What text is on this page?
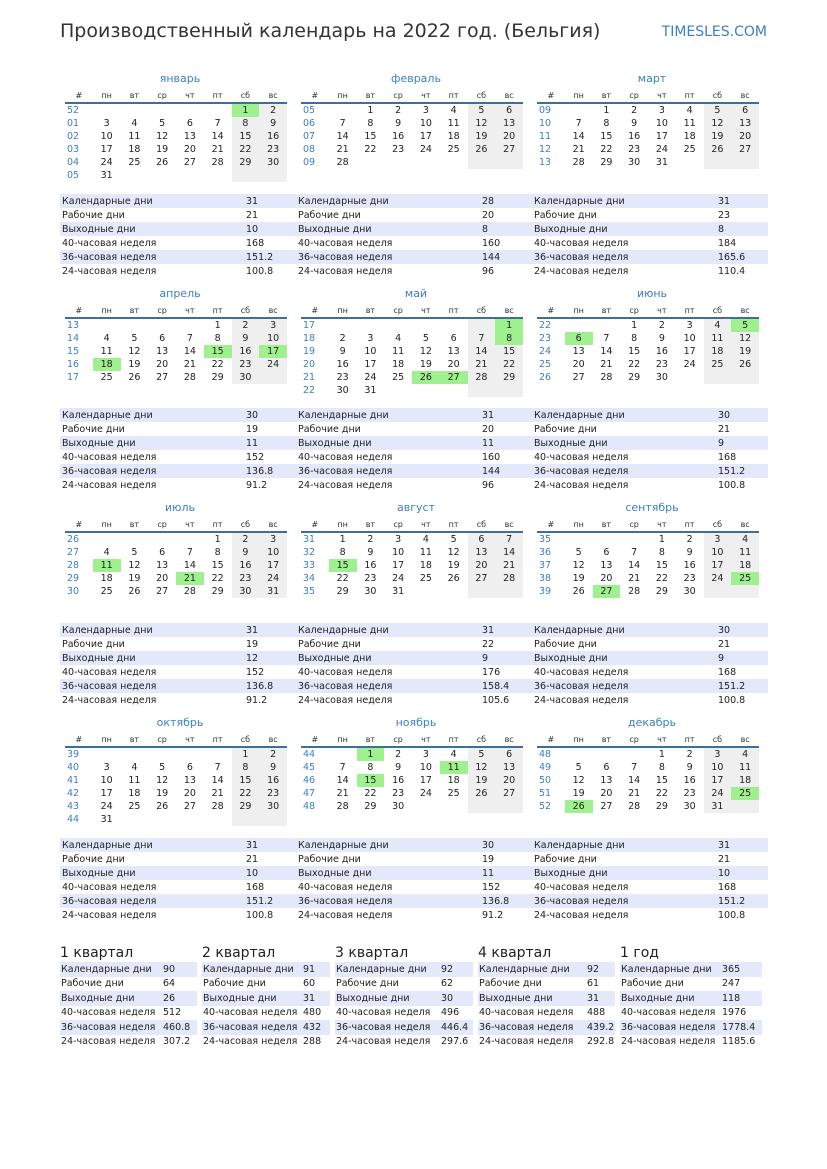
Производственный календарь на 2022 год. (Бельгия)	TIMESLES.COM
январь
#	пн	вт	ср	чт	пт	сб	вс
52						1	2
01	3	4	5	6	7	8	9
02	10	11	12	13	14	15	16
03	17	18	19	20	21	22	23
04	24	25	26	27	28	29	30
05	31						
Календарные дни	31
Рабочие дни	21
Выходные дни	10
40-часовая неделя	168
36-часовая неделя	151.2
24-часовая неделя	100.8
февраль
#	пн	вт	ср	чт	пт	сб	вс
05		1	2	3	4	5	6
06	7	8	9	10	11	12	13
07	14	15	16	17	18	19	20
08	21	22	23	24	25	26	27
09	28						
Календарные дни	28
Рабочие дни	20
Выходные дни	8
40-часовая неделя	160
36-часовая неделя	144
24-часовая неделя	96
март
#	пн	вт	ср	чт	пт	сб	вс
09		1	2	3	4	5	6
10	7	8	9	10	11	12	13
11	14	15	16	17	18	19	20
12	21	22	23	24	25	26	27
13	28	29	30	31			
Календарные дни	31
Рабочие дни	23
Выходные дни	8
40-часовая неделя	184
36-часовая неделя	165.6
24-часовая неделя	110.4
апрель
#	пн	вт	ср	чт	пт	сб	вс
13					1	2	3
14	4	5	6	7	8	9	10
15	11	12	13	14	15	16	17
16	18	19	20	21	22	23	24
17	25	26	27	28	29	30	
Календарные дни	30
Рабочие дни	19
Выходные дни	11
40-часовая неделя	152
36-часовая неделя	136.8
24-часовая неделя	91.2
май
#	пн	вт	ср	чт	пт	сб	вс
17							1
18	2	3	4	5	6	7	8
19	9	10	11	12	13	14	15
20	16	17	18	19	20	21	22
21	23	24	25	26	27	28	29
22	30	31					
Календарные дни	31
Рабочие дни	20
Выходные дни	11
40-часовая неделя	160
36-часовая неделя	144
24-часовая неделя	96
июнь
#	пн	вт	ср	чт	пт	сб	вс
22			1	2	3	4	5
23	6	7	8	9	10	11	12
24	13	14	15	16	17	18	19
25	20	21	22	23	24	25	26
26	27	28	29	30			
Календарные дни	30
Рабочие дни	21
Выходные дни	9
40-часовая неделя	168
36-часовая неделя	151.2
24-часовая неделя	100.8
июль
#	пн	вт	ср	чт	пт	сб	вс
26					1	2	3
27	4	5	6	7	8	9	10
28	11	12	13	14	15	16	17
29	18	19	20	21	22	23	24
30	25	26	27	28	29	30	31
Календарные дни	31
Рабочие дни	19
Выходные дни	12
40-часовая неделя	152
36-часовая неделя	136.8
24-часовая неделя	91.2
август
#	пн	вт	ср	чт	пт	сб	вс
31	1	2	3	4	5	6	7
32	8	9	10	11	12	13	14
33	15	16	17	18	19	20	21
34	22	23	24	25	26	27	28
35	29	30	31				
Календарные дни	31
Рабочие дни	22
Выходные дни	9
40-часовая неделя	176
36-часовая неделя	158.4
24-часовая неделя	105.6
сентябрь
#	пн	вт	ср	чт	пт	сб	вс
35				1	2	3	4
36	5	6	7	8	9	10	11
37	12	13	14	15	16	17	18
38	19	20	21	22	23	24	25
39	26	27	28	29	30		
Календарные дни	30
Рабочие дни	21
Выходные дни	9
40-часовая неделя	168
36-часовая неделя	151.2
24-часовая неделя	100.8
октябрь
#	пн	вт	ср	чт	пт	сб	вс
39						1	2
40	3	4	5	6	7	8	9
41	10	11	12	13	14	15	16
42	17	18	19	20	21	22	23
43	24	25	26	27	28	29	30
44	31						
Календарные дни	31
Рабочие дни	21
Выходные дни	10
40-часовая неделя	168
36-часовая неделя	151.2
24-часовая неделя	100.8
ноябрь
#	пн	вт	ср	чт	пт	сб	вс
44		1	2	3	4	5	6
45	7	8	9	10	11	12	13
46	14	15	16	17	18	19	20
47	21	22	23	24	25	26	27
48	28	29	30				
Календарные дни	30
Рабочие дни	19
Выходные дни	11
40-часовая неделя	152
36-часовая неделя	136.8
24-часовая неделя	91.2
декабрь
#	пн	вт	ср	чт	пт	сб	вс
48				1	2	3	4
49	5	6	7	8	9	10	11
50	12	13	14	15	16	17	18
51	19	20	21	22	23	24	25
52	26	27	28	29	30	31	
Календарные дни	31
Рабочие дни	21
Выходные дни	10
40-часовая неделя	168
36-часовая неделя	151.2
24-часовая неделя	100.8
1 квартал
Календарные дни	90
Рабочие дни	64
Выходные дни	26
40-часовая неделя	512
36-часовая неделя	460.8
24-часовая неделя	307.2
2 квартал
Календарные дни	91
Рабочие дни	60
Выходные дни	31
40-часовая неделя	480
36-часовая неделя	432
24-часовая неделя	288
3 квартал
Календарные дни	92
Рабочие дни	62
Выходные дни	30
40-часовая неделя	496
36-часовая неделя	446.4
24-часовая неделя	297.6
4 квартал
Календарные дни	92
Рабочие дни	61
Выходные дни	31
40-часовая неделя	488
36-часовая неделя	439.2
24-часовая неделя	292.8
1 год
Календарные дни	365
Рабочие дни	247
Выходные дни	118
40-часовая неделя	1976
36-часовая неделя	1778.4
24-часовая неделя	1185.6
